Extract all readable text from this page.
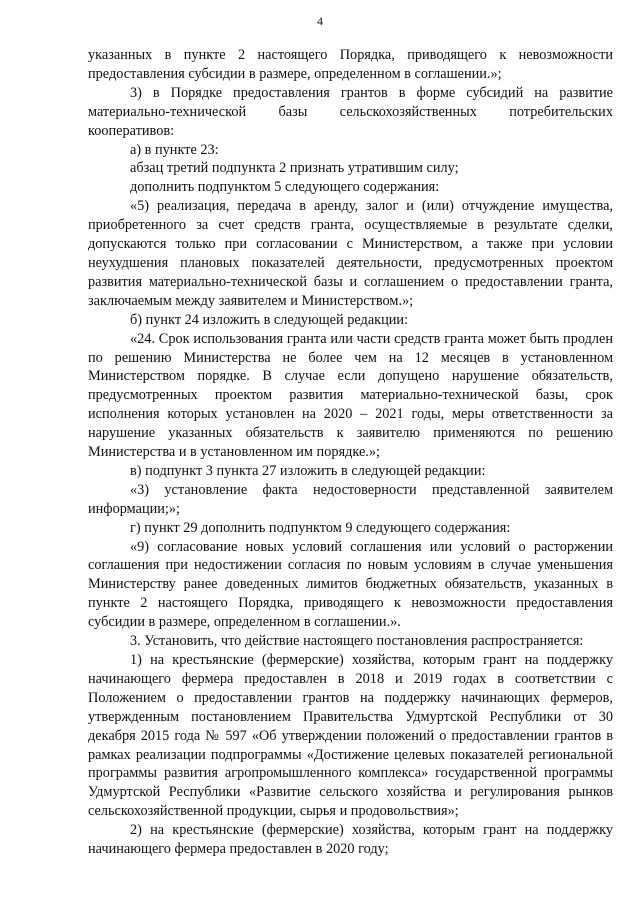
4

указанных в пункте 2 настоящего Порядка, приводящего к невозможности предоставления субсидии в размере, определенном в соглашении.»;

3) в Порядке предоставления грантов в форме субсидий на развитие материально-технической базы сельскохозяйственных потребительских кооперативов:

а) в пункте 23:

абзац третий подпункта 2 признать утратившим силу;

дополнить подпунктом 5 следующего содержания:

«5) реализация, передача в аренду, залог и (или) отчуждение имущества, приобретенного за счет средств гранта, осуществляемые в результате сделки, допускаются только при согласовании с Министерством, а также при условии неухудшения плановых показателей деятельности, предусмотренных проектом развития материально-технической базы и соглашением о предоставлении гранта, заключаемым между заявителем и Министерством.»;

б) пункт 24 изложить в следующей редакции:

«24. Срок использования гранта или части средств гранта может быть продлен по решению Министерства не более чем на 12 месяцев в установленном Министерством порядке. В случае если допущено нарушение обязательств, предусмотренных проектом развития материально-технической базы, срок исполнения которых установлен на 2020 – 2021 годы, меры ответственности за нарушение указанных обязательств к заявителю применяются по решению Министерства и в установленном им порядке.»;

в) подпункт 3 пункта 27 изложить в следующей редакции:

«3) установление факта недостоверности представленной заявителем информации;»;

г) пункт 29 дополнить подпунктом 9 следующего содержания:

«9) согласование новых условий соглашения или условий о расторжении соглашения при недостижении согласия по новым условиям в случае уменьшения Министерству ранее доведенных лимитов бюджетных обязательств, указанных в пункте 2 настоящего Порядка, приводящего к невозможности предоставления субсидии в размере, определенном в соглашении.».

3. Установить, что действие настоящего постановления распространяется:

1) на крестьянские (фермерские) хозяйства, которым грант на поддержку начинающего фермера предоставлен в 2018 и 2019 годах в соответствии с Положением о предоставлении грантов на поддержку начинающих фермеров, утвержденным постановлением Правительства Удмуртской Республики от 30 декабря 2015 года № 597 «Об утверждении положений о предоставлении грантов в рамках реализации подпрограммы «Достижение целевых показателей региональной программы развития агропромышленного комплекса» государственной программы Удмуртской Республики «Развитие сельского хозяйства и регулирования рынков сельскохозяйственной продукции, сырья и продовольствия»;

2) на крестьянские (фермерские) хозяйства, которым грант на поддержку начинающего фермера предоставлен в 2020 году;
